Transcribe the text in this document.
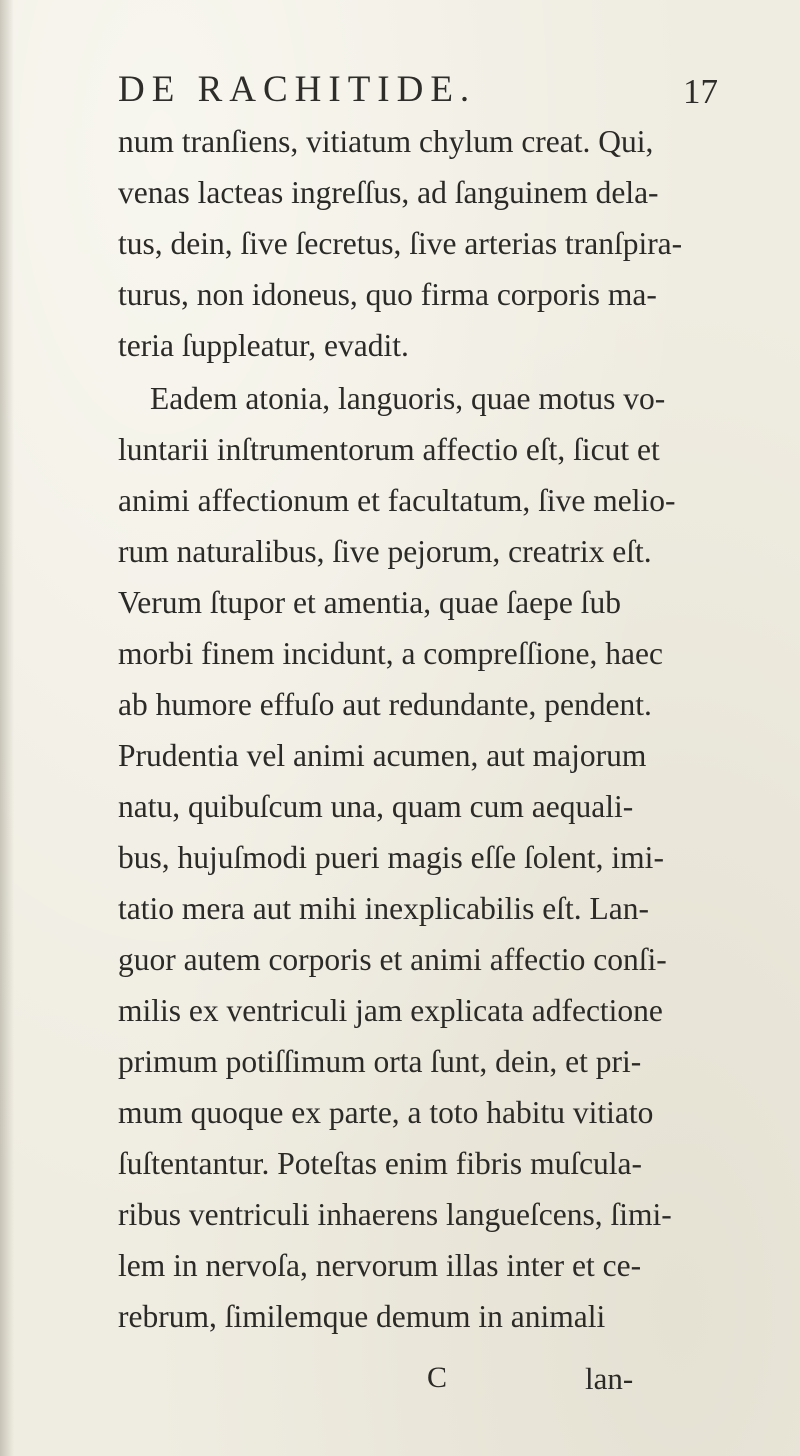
DE RACHITIDE.	17
num tranſiens, vitiatum chylum creat. Qui,
venas lacteas ingreſſus, ad ſanguinem dela-
tus, dein, ſive ſecretus, ſive arterias tranſpira-
turus, non idoneus, quo firma corporis ma-
teria ſuppleatur, evadit.
Eadem atonia, languoris, quae motus vo-
luntarii inſtrumentorum affectio eſt, ſicut et
animi affectionum et facultatum, ſive melio-
rum naturalibus, ſive pejorum, creatrix eſt.
Verum ſtupor et amentia, quae ſaepe ſub
morbi finem incidunt, a compreſſione, haec
ab humore effuſo aut redundante, pendent.
Prudentia vel animi acumen, aut majorum
natu, quibuſcum una, quam cum aequali-
bus, hujuſmodi pueri magis eſſe ſolent, imi-
tatio mera aut mihi inexplicabilis eſt. Lan-
guor autem corporis et animi affectio conſi-
milis ex ventriculi jam explicata adfectione
primum potiſſimum orta ſunt, dein, et pri-
mum quoque ex parte, a toto habitu vitiato
ſuſtentantur. Poteſtas enim fibris muſcula-
ribus ventriculi inhaerens langueſcens, ſimi-
lem in nervoſa, nervorum illas inter et ce-
rebrum, ſimilemque demum in animali
C	lan-
